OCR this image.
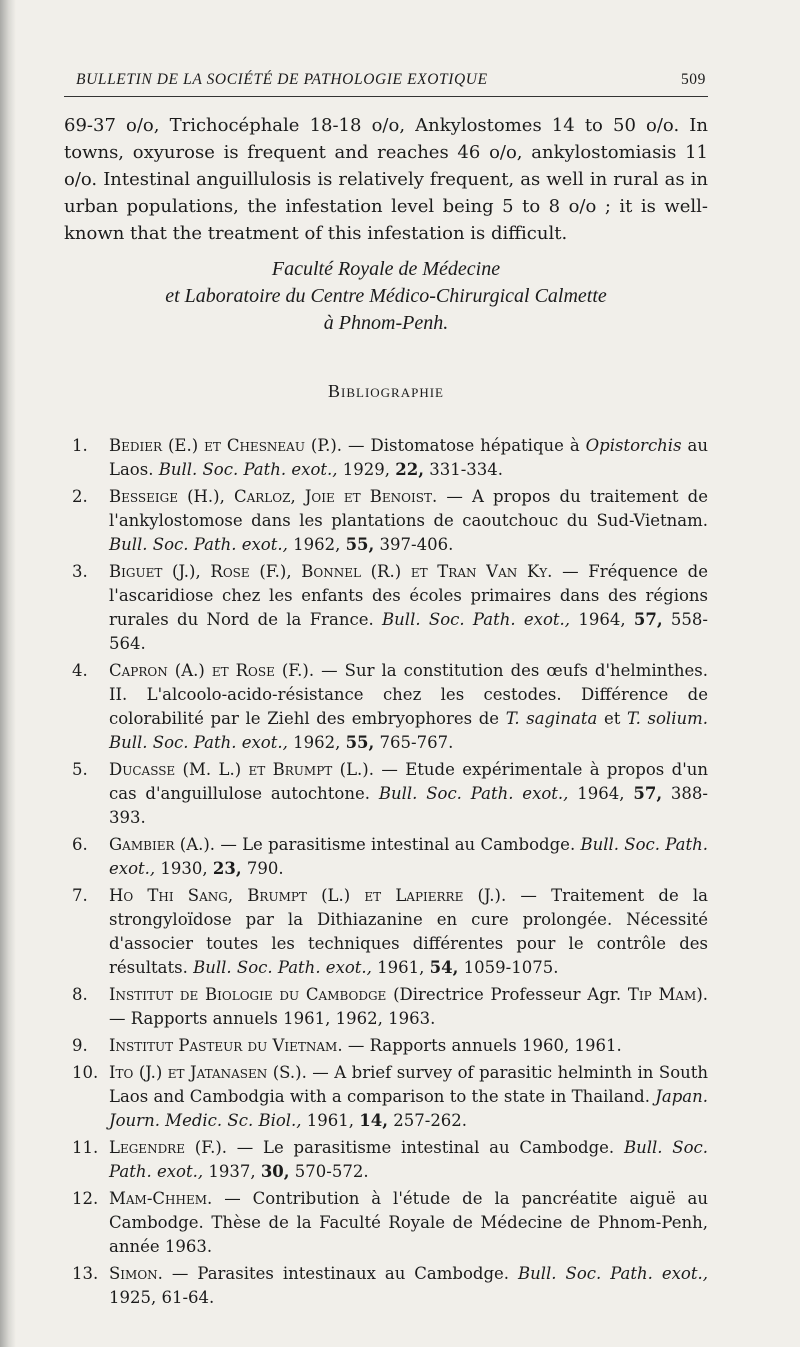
BULLETIN DE LA SOCIÉTÉ DE PATHOLOGIE EXOTIQUE	509

69-37 o/o, Trichocéphale 18-18 o/o, Ankylostomes 14 to 50 o/o. In towns, oxyurose is frequent and reaches 46 o/o, ankylostomiasis 11 o/o. Intestinal anguillulosis is relatively frequent, as well in rural as in urban populations, the infestation level being 5 to 8 o/o ; it is well-known that the treatment of this infestation is difficult.

Faculté Royale de Médecine
et Laboratoire du Centre Médico-Chirurgical Calmette
à Phnom-Penh.
Bibliographie
1. Bedier (E.) et Chesneau (P.). — Distomatose hépatique à Opistorchis au Laos. Bull. Soc. Path. exot., 1929, 22, 331-334.
2. Besseige (H.), Carloz, Joie et Benoist. — A propos du traitement de l'ankylostomose dans les plantations de caoutchouc du Sud-Vietnam. Bull. Soc. Path. exot., 1962, 55, 397-406.
3. Biguet (J.), Rose (F.), Bonnel (R.) et Tran Van Ky. — Fréquence de l'ascaridiose chez les enfants des écoles primaires dans des régions rurales du Nord de la France. Bull. Soc. Path. exot., 1964, 57, 558-564.
4. Capron (A.) et Rose (F.). — Sur la constitution des œufs d'helminthes. II. L'alcoolo-acido-résistance chez les cestodes. Différence de colorabilité par le Ziehl des embryophores de T. saginata et T. solium. Bull. Soc. Path. exot., 1962, 55, 765-767.
5. Ducasse (M. L.) et Brumpt (L.). — Etude expérimentale à propos d'un cas d'anguillulose autochtone. Bull. Soc. Path. exot., 1964, 57, 388-393.
6. Gambier (A.). — Le parasitisme intestinal au Cambodge. Bull. Soc. Path. exot., 1930, 23, 790.
7. Ho Thi Sang, Brumpt (L.) et Lapierre (J.). — Traitement de la strongyloïdose par la Dithiazanine en cure prolongée. Nécessité d'associer toutes les techniques différentes pour le contrôle des résultats. Bull. Soc. Path. exot., 1961, 54, 1059-1075.
8. Institut de Biologie du Cambodge (Directrice Professeur Agr. Tip Mam). — Rapports annuels 1961, 1962, 1963.
9. Institut Pasteur du Vietnam. — Rapports annuels 1960, 1961.
10. Ito (J.) et Jatanasen (S.). — A brief survey of parasitic helminth in South Laos and Cambodgia with a comparison to the state in Thailand. Japan. Journ. Medic. Sc. Biol., 1961, 14, 257-262.
11. Legendre (F.). — Le parasitisme intestinal au Cambodge. Bull. Soc. Path. exot., 1937, 30, 570-572.
12. Mam-Chhem. — Contribution à l'étude de la pancréatite aiguë au Cambodge. Thèse de la Faculté Royale de Médecine de Phnom-Penh, année 1963.
13. Simon. — Parasites intestinaux au Cambodge. Bull. Soc. Path. exot., 1925, 61-64.
